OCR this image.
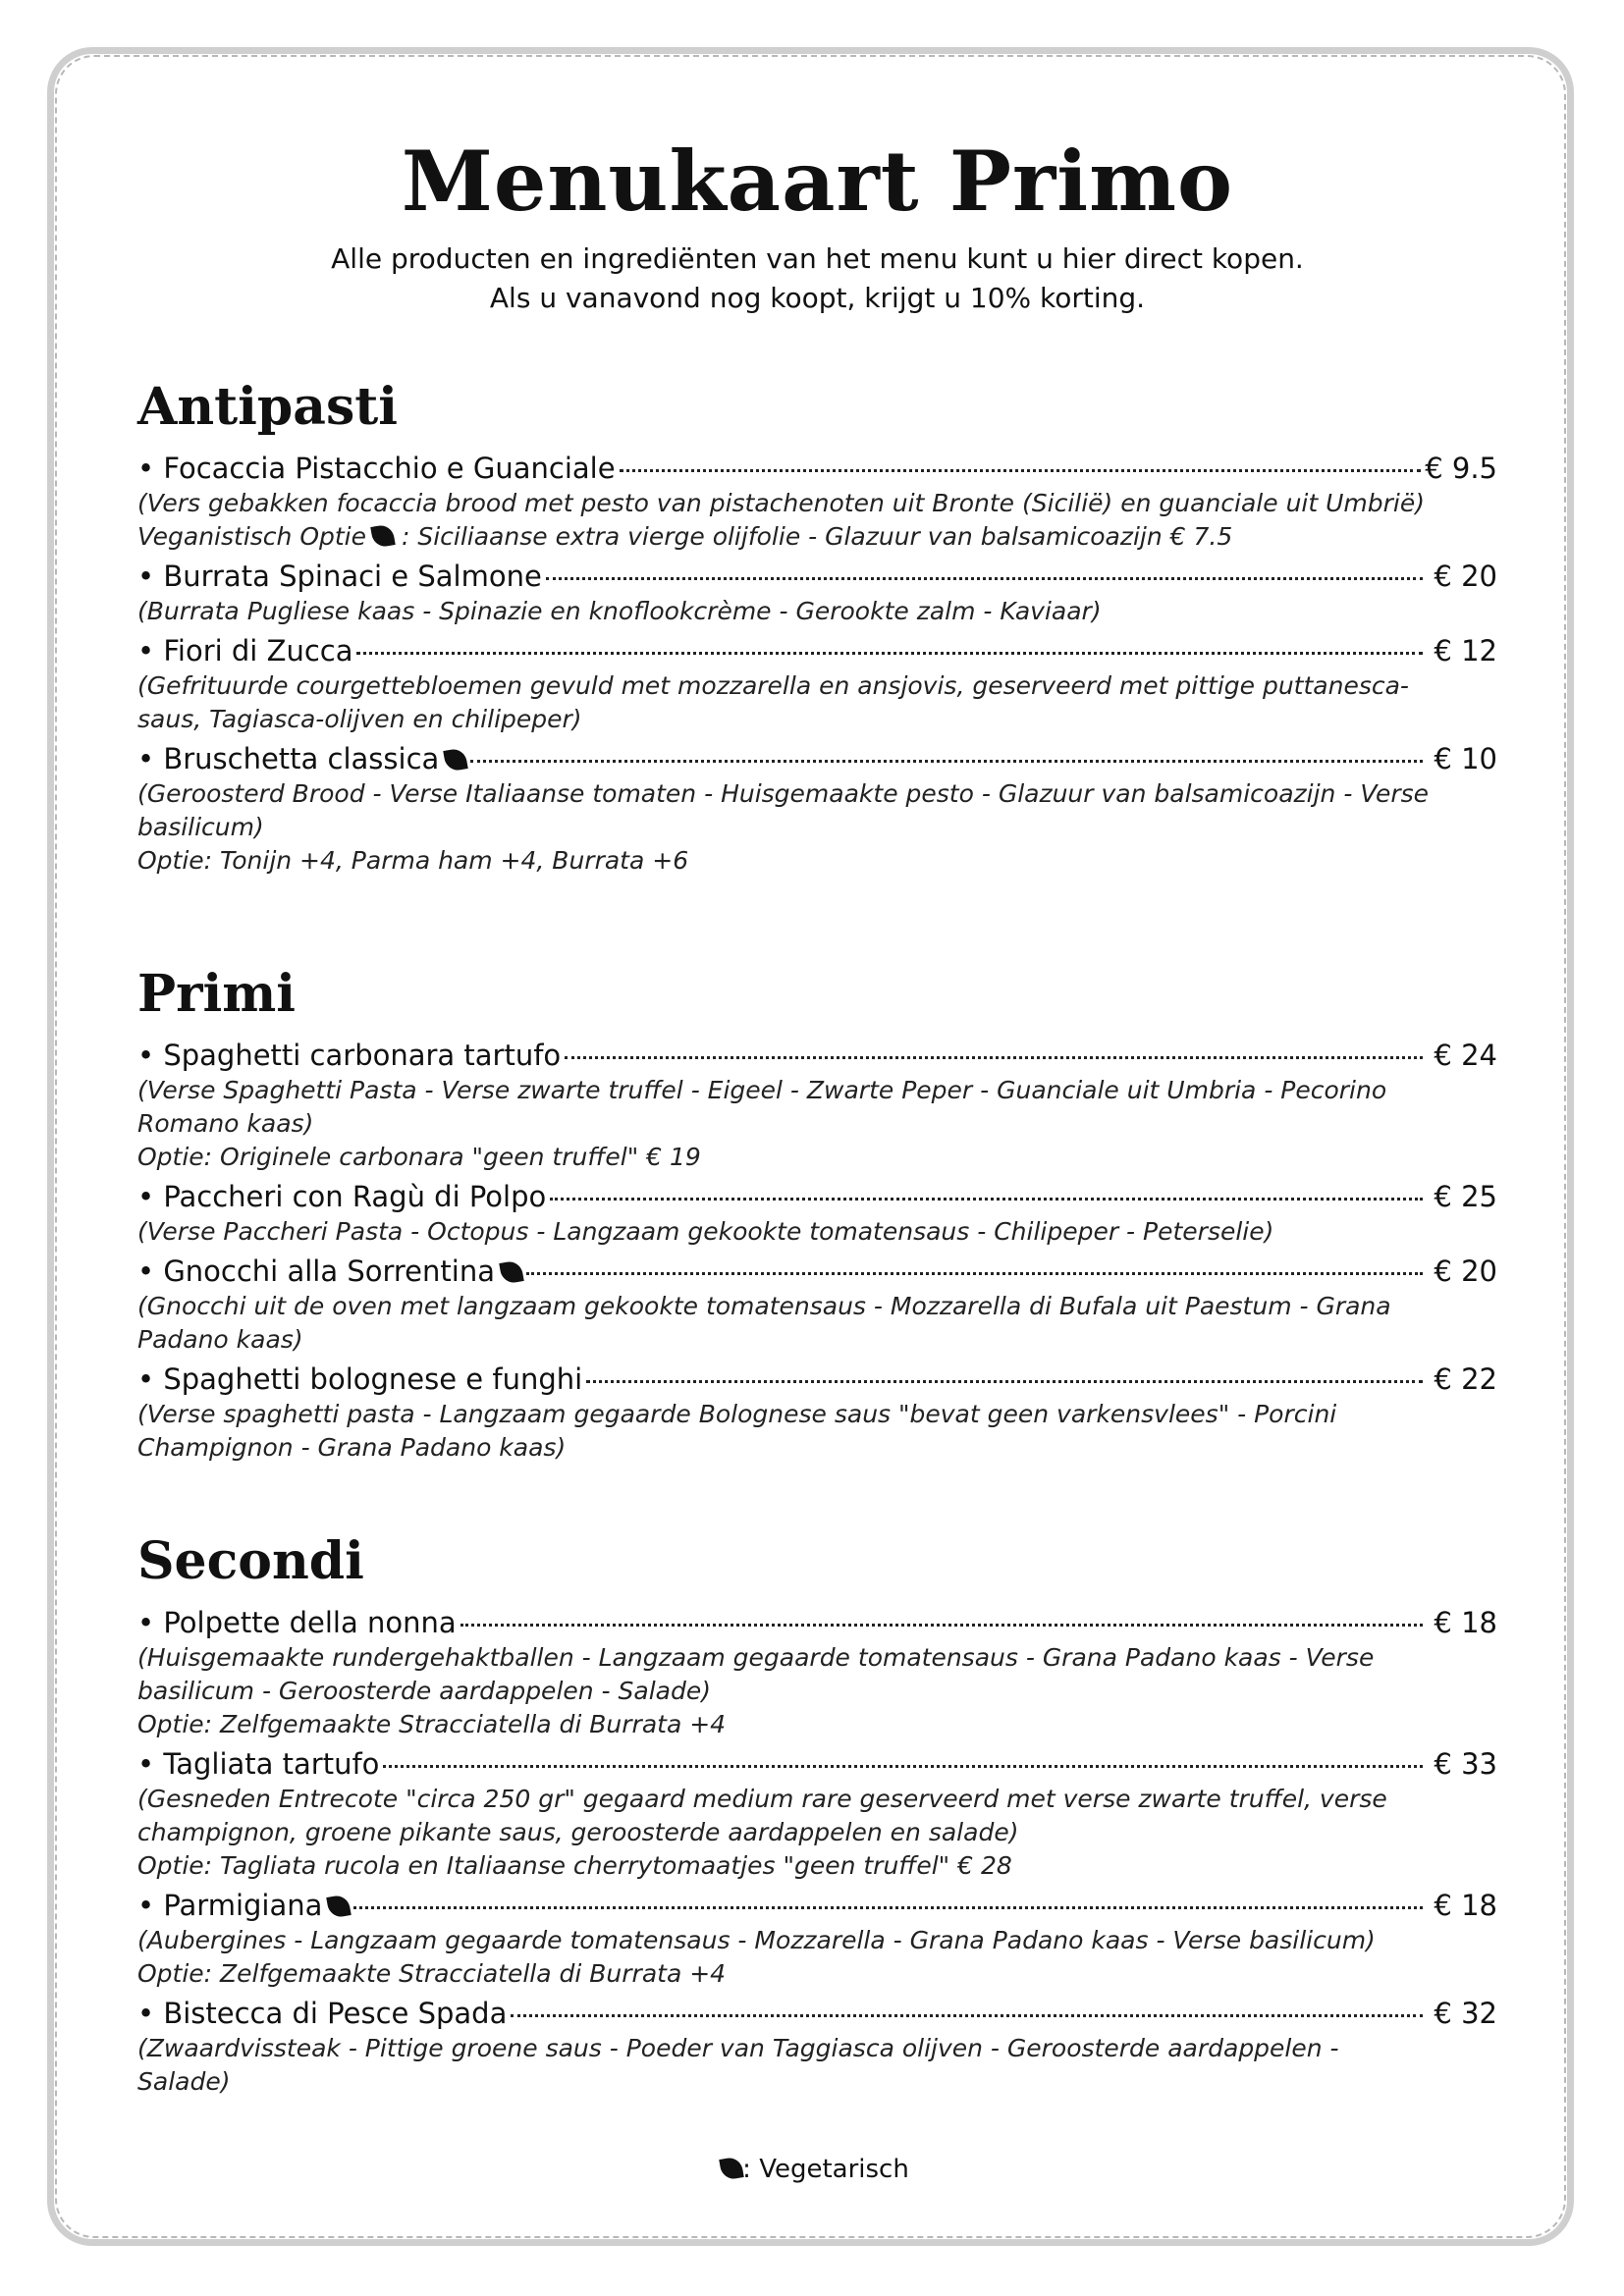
Menukaart Primo
Alle producten en ingrediënten van het menu kunt u hier direct kopen.
Als u vanavond nog koopt, krijgt u 10% korting.
Antipasti
• Focaccia Pistacchio e Guanciale	€ 9.5
(Vers gebakken focaccia brood met pesto van pistachenoten uit Bronte (Sicilië) en guanciale uit Umbrië)
Veganistisch Optie : Siciliaanse extra vierge olijfolie - Glazuur van balsamicoazijn € 7.5
• Burrata Spinaci e Salmone	€ 20
(Burrata Pugliese kaas - Spinazie en knoflookcrème - Gerookte zalm - Kaviaar)
• Fiori di Zucca	€ 12
(Gefrituurde courgettebloemen gevuld met mozzarella en ansjovis, geserveerd met pittige puttanesca-saus, Tagiasca-olijven en chilipeper)
• Bruschetta classica	€ 10
(Geroosterd Brood - Verse Italiaanse tomaten - Huisgemaakte pesto - Glazuur van balsamicoazijn - Verse basilicum)
Optie: Tonijn +4, Parma ham +4, Burrata +6
Primi
• Spaghetti carbonara tartufo	€ 24
(Verse Spaghetti Pasta - Verse zwarte truffel - Eigeel - Zwarte Peper - Guanciale uit Umbria - Pecorino Romano kaas)
Optie: Originele carbonara "geen truffel" € 19
• Paccheri con Ragù di Polpo	€ 25
(Verse Paccheri Pasta - Octopus - Langzaam gekookte tomatensaus - Chilipeper - Peterselie)
• Gnocchi alla Sorrentina	€ 20
(Gnocchi uit de oven met langzaam gekookte tomatensaus - Mozzarella di Bufala uit Paestum - Grana Padano kaas)
• Spaghetti bolognese e funghi	€ 22
(Verse spaghetti pasta - Langzaam gegaarde Bolognese saus "bevat geen varkensvlees" - Porcini Champignon - Grana Padano kaas)
Secondi
• Polpette della nonna	€ 18
(Huisgemaakte rundergehaktballen - Langzaam gegaarde tomatensaus - Grana Padano kaas - Verse basilicum - Geroosterde aardappelen - Salade)
Optie: Zelfgemaakte Stracciatella di Burrata +4
• Tagliata tartufo	€ 33
(Gesneden Entrecote "circa 250 gr" gegaard medium rare geserveerd met verse zwarte truffel, verse champignon, groene pikante saus, geroosterde aardappelen en salade)
Optie: Tagliata rucola en Italiaanse cherrytomaatjes "geen truffel" € 28
• Parmigiana	€ 18
(Aubergines - Langzaam gegaarde tomatensaus - Mozzarella - Grana Padano kaas - Verse basilicum)
Optie: Zelfgemaakte Stracciatella di Burrata +4
• Bistecca di Pesce Spada	€ 32
(Zwaardvissteak - Pittige groene saus - Poeder van Taggiasca olijven - Geroosterde aardappelen - Salade)
: Vegetarisch
